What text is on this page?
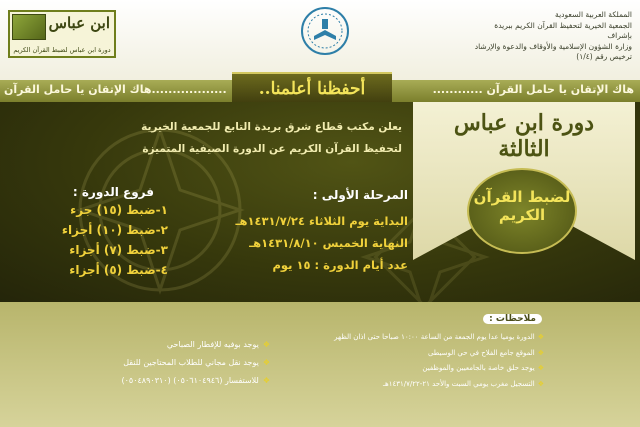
المملكة العربية السعودية
الجمعية الخيرية لتحفيظ القرآن الكريم ببريدة
بإشراف
وزارة الشؤون الإسلامية والأوقاف والدعوة والإرشاد
ترخيص رقم (١/٤)
ابن عباس
دورة ابن عباس لضبط القرآن الكريم
هاك الإتقان يا حامل القرآن ............
..................هاك الإتقان يا حامل القرآن	أحفظنا أعلمنا..

يعلن مكتب قطاع شرق بريدة التابع للجمعية الخيرية

لتحفيظ القرآن الكريم عن الدورة الصيفية المتميزة

فروع الدورة :
١-ضبط (١٥) جزء
٢-ضبط (١٠) أجزاء
٣-ضبط (٧) أجزاء
٤-ضبط (٥) أجزاء
المرحلة الأولى :
البداية يوم الثلاثاء ١٤٣١/٧/٢٤هـ
النهاية الخميس ١٤٣١/٨/١٠هـ
عدد أيام الدورة : ١٥ يوم
دورة ابن عباس
الثالثة
لضبط القرآن
الكريم
ملاحظات :
❖الدورة يوميا عدا يوم الجمعة من الساعة ١٠:٠٠ صباحا حتى اذان الظهر
❖الموقع جامع الفلاح في حي الوسيطى
❖يوجد حلق خاصة بالجامعيين والموظفين
❖التسجيل مغرب يومي السبت والأحد ٢١-١٤٣١/٧/٢٢هـ
❖يوجد بوفيه للإفطار الصباحي
❖يوجد نقل مجاني للطلاب المحتاجين للنقل
❖للاستفسار (٠٥٠٦١٠٤٩٤٦) (٠٥٠٤٨٩٠٣١٠)
